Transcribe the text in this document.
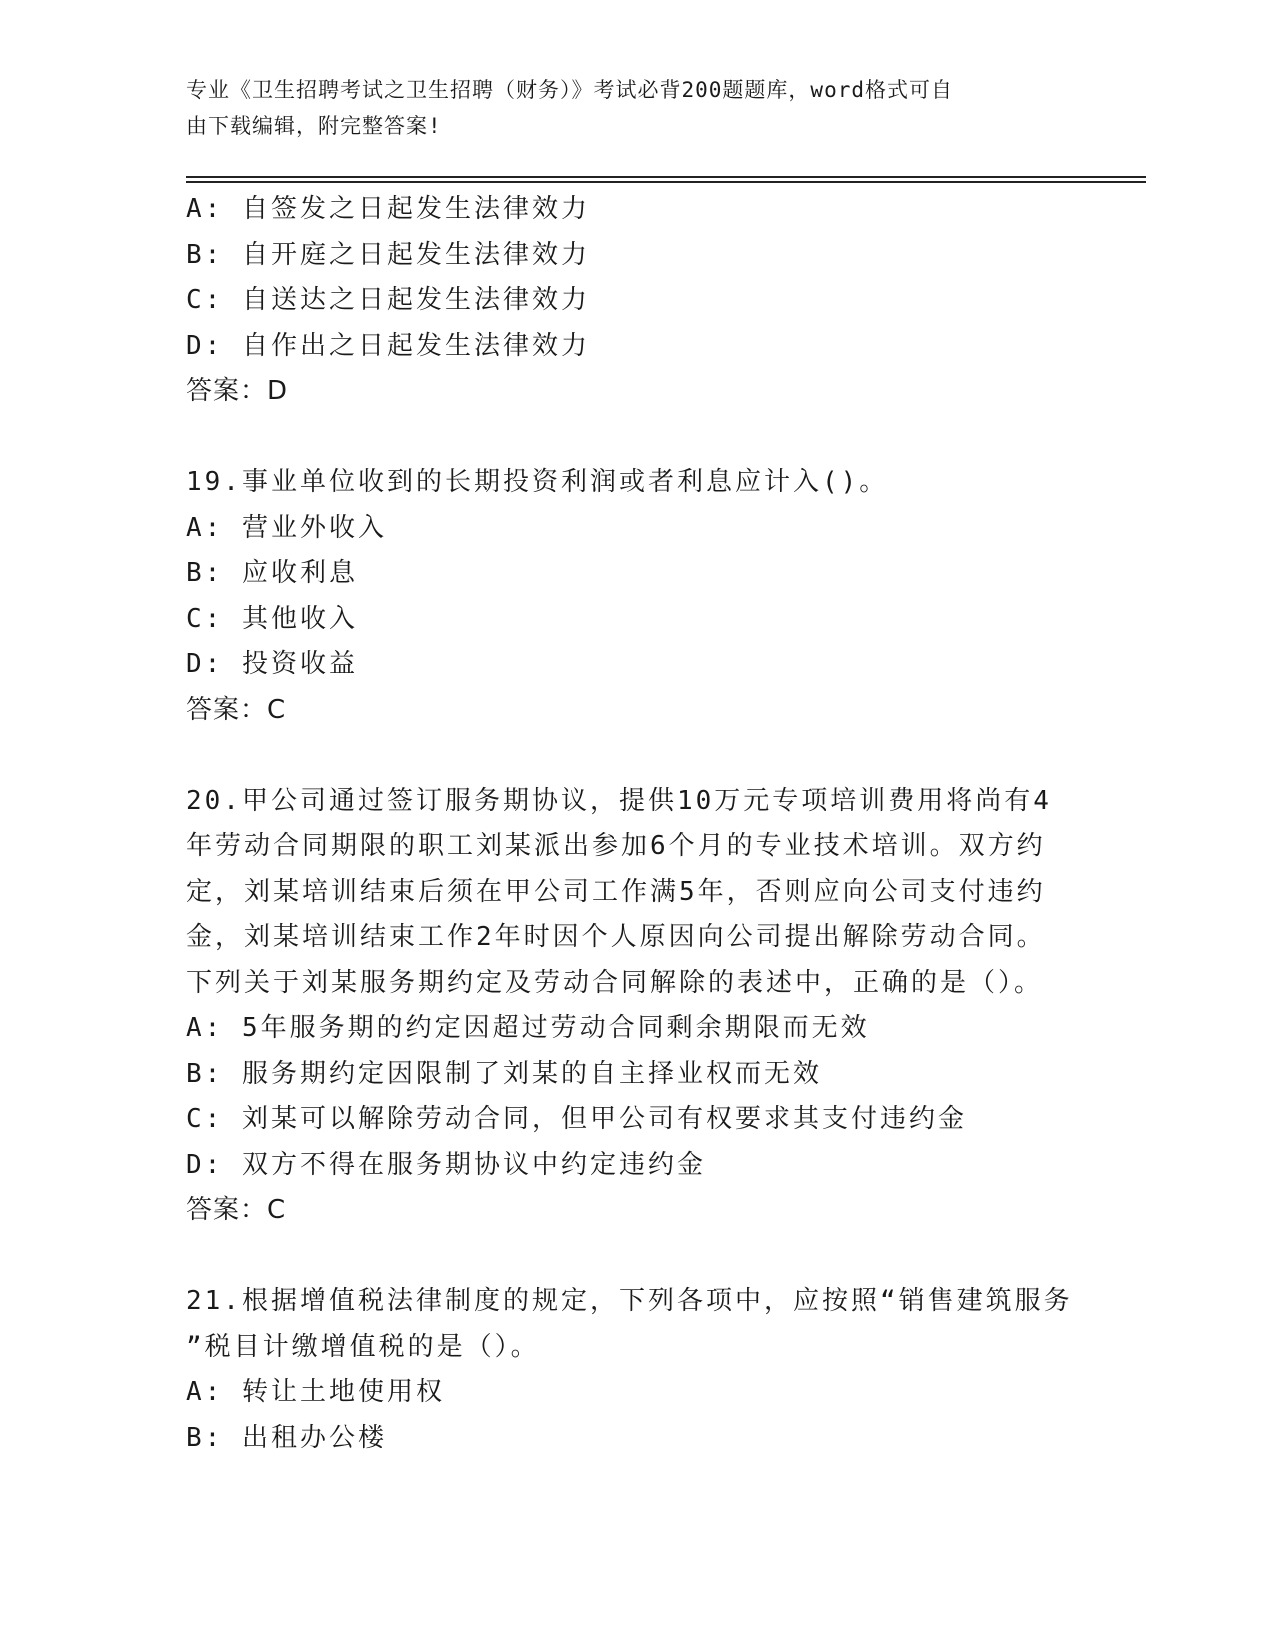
专业《卫生招聘考试之卫生招聘（财务）》考试必背200题题库，word格式可自

由下载编辑，附完整答案!

A: 自签发之日起发生法律效力

B: 自开庭之日起发生法律效力

C: 自送达之日起发生法律效力

D: 自作出之日起发生法律效力

答案：D

19.事业单位收到的长期投资利润或者利息应计入()。

A: 营业外收入

B: 应收利息

C: 其他收入

D: 投资收益

答案：C

20.甲公司通过签订服务期协议，提供10万元专项培训费用将尚有4

年劳动合同期限的职工刘某派出参加6个月的专业技术培训。双方约

定，刘某培训结束后须在甲公司工作满5年，否则应向公司支付违约

金，刘某培训结束工作2年时因个人原因向公司提出解除劳动合同。

下列关于刘某服务期约定及劳动合同解除的表述中，正确的是（）。

A: 5年服务期的约定因超过劳动合同剩余期限而无效

B: 服务期约定因限制了刘某的自主择业权而无效

C: 刘某可以解除劳动合同，但甲公司有权要求其支付违约金

D: 双方不得在服务期协议中约定违约金

答案：C

21.根据增值税法律制度的规定，下列各项中，应按照“销售建筑服务

”税目计缴增值税的是（）。

A: 转让土地使用权

B: 出租办公楼
